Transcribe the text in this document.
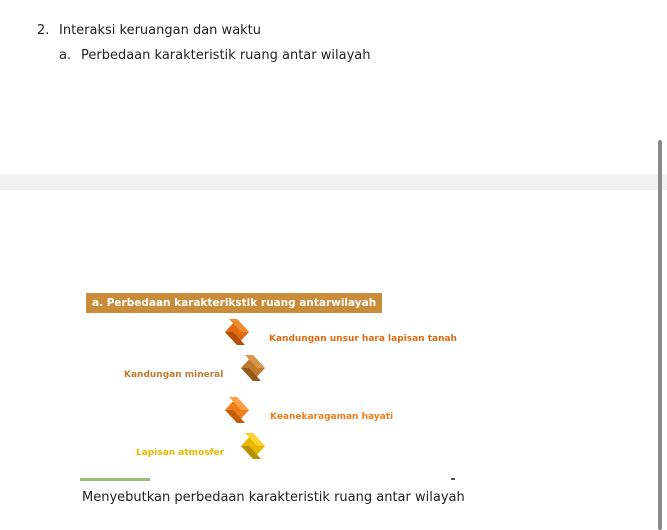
2. Interaksi keruangan dan waktu
a. Perbedaan karakteristik ruang antar wilayah
a. Perbedaan karakterikstik ruang antarwilayah
Kandungan unsur hara lapisan tanah
Kandungan mineral
Keanekaragaman hayati
Lapisan atmosfer
Menyebutkan perbedaan karakteristik ruang antar wilayah
